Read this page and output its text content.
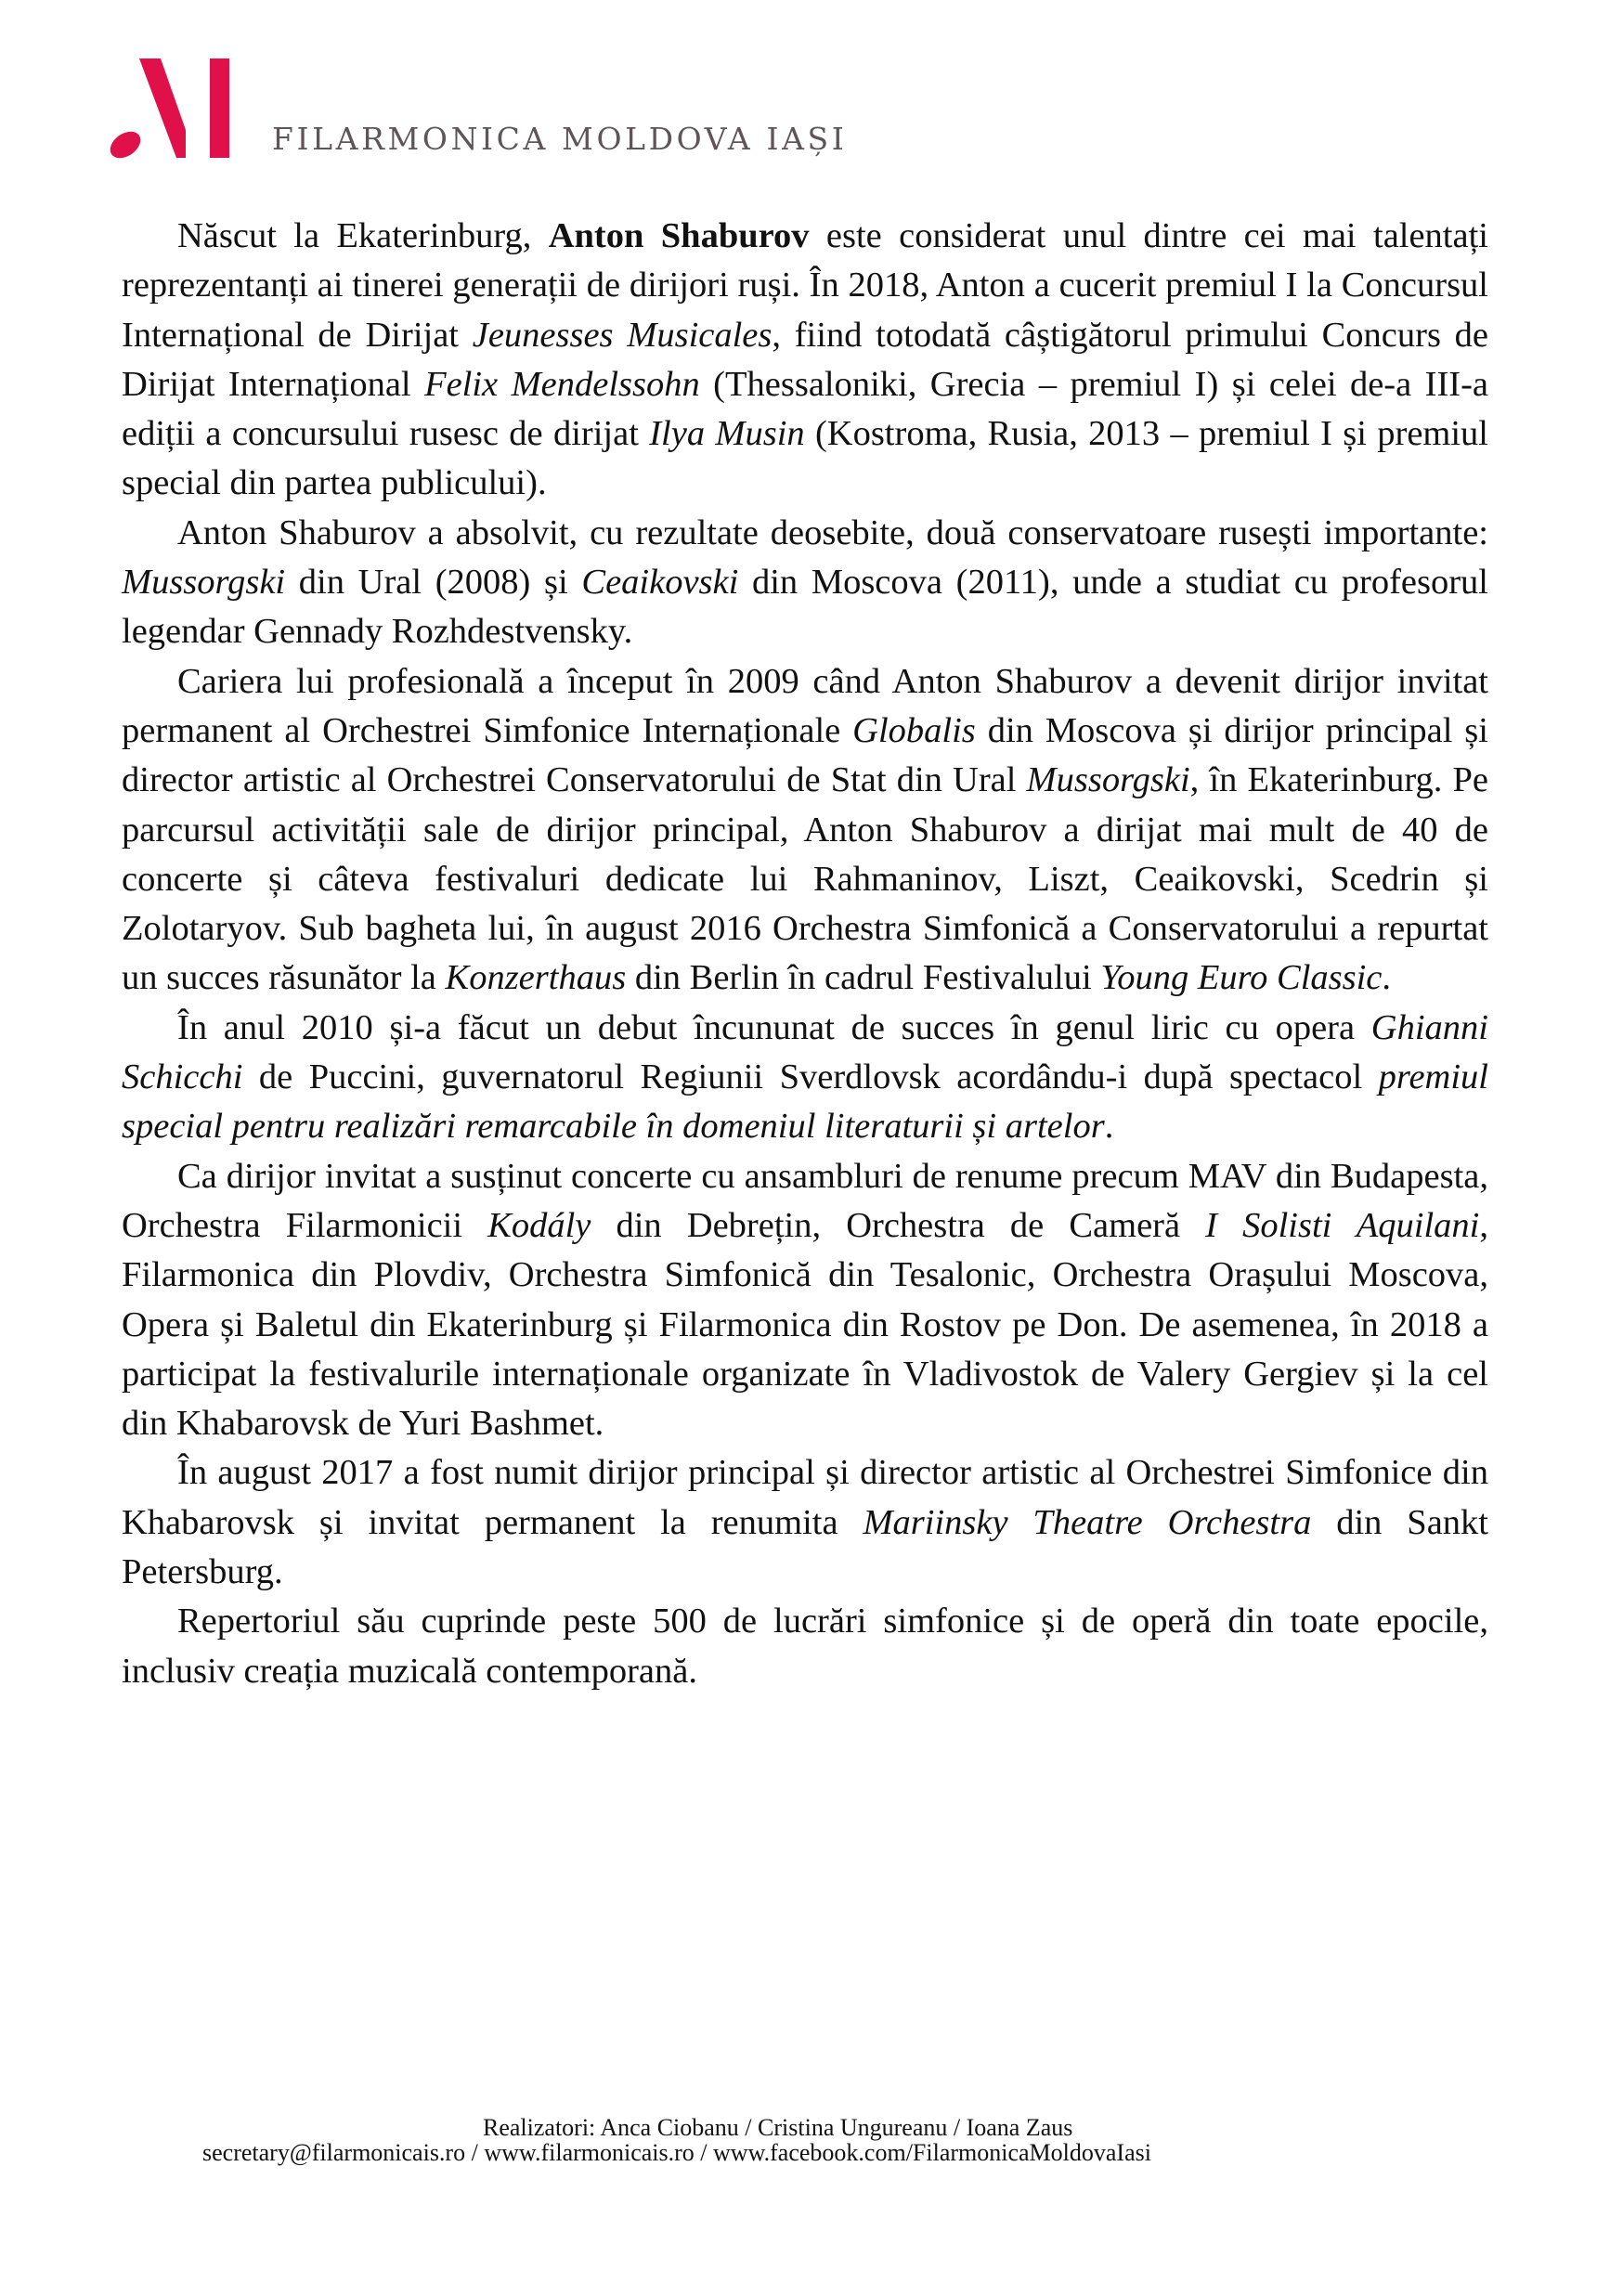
FILARMONICA MOLDOVA IAȘI

Născut la Ekaterinburg, Anton Shaburov este considerat unul dintre cei mai talentați reprezentanți ai tinerei generații de dirijori ruși. În 2018, Anton a cucerit premiul I la Concursul Internațional de Dirijat Jeunesses Musicales, fiind totodată câștigătorul primului Concurs de Dirijat Internațional Felix Mendelssohn (Thessaloniki, Grecia – premiul I) și celei de-a III-a ediții a concursului rusesc de dirijat Ilya Musin (Kostroma, Rusia, 2013 – premiul I și premiul special din partea publicului).

Anton Shaburov a absolvit, cu rezultate deosebite, două conservatoare rusești importante: Mussorgski din Ural (2008) și Ceaikovski din Moscova (2011), unde a studiat cu profesorul legendar Gennady Rozhdestvensky.

Cariera lui profesională a început în 2009 când Anton Shaburov a devenit dirijor invitat permanent al Orchestrei Simfonice Internaționale Globalis din Moscova și dirijor principal și director artistic al Orchestrei Conservatorului de Stat din Ural Mussorgski, în Ekaterinburg. Pe parcursul activității sale de dirijor principal, Anton Shaburov a dirijat mai mult de 40 de concerte și câteva festivaluri dedicate lui Rahmaninov, Liszt, Ceaikovski, Scedrin și Zolotaryov. Sub bagheta lui, în august 2016 Orchestra Simfonică a Conservatorului a repurtat un succes răsunător la Konzerthaus din Berlin în cadrul Festivalului Young Euro Classic.

În anul 2010 și-a făcut un debut încununat de succes în genul liric cu opera Ghianni Schicchi de Puccini, guvernatorul Regiunii Sverdlovsk acordându-i după spectacol premiul special pentru realizări remarcabile în domeniul literaturii și artelor.

Ca dirijor invitat a susținut concerte cu ansambluri de renume precum MAV din Budapesta, Orchestra Filarmonicii Kodály din Debrețin, Orchestra de Cameră I Solisti Aquilani, Filarmonica din Plovdiv, Orchestra Simfonică din Tesalonic, Orchestra Orașului Moscova, Opera și Baletul din Ekaterinburg și Filarmonica din Rostov pe Don. De asemenea, în 2018 a participat la festivalurile internaționale organizate în Vladivostok de Valery Gergiev și la cel din Khabarovsk de Yuri Bashmet.

În august 2017 a fost numit dirijor principal și director artistic al Orchestrei Simfonice din Khabarovsk și invitat permanent la renumita Mariinsky Theatre Orchestra din Sankt Petersburg.

Repertoriul său cuprinde peste 500 de lucrări simfonice și de operă din toate epocile, inclusiv creația muzicală contemporană.

Realizatori: Anca Ciobanu / Cristina Ungureanu / Ioana Zaus
secretary@filarmonicais.ro / www.filarmonicais.ro / www.facebook.com/FilarmonicaMoldovaIasi
